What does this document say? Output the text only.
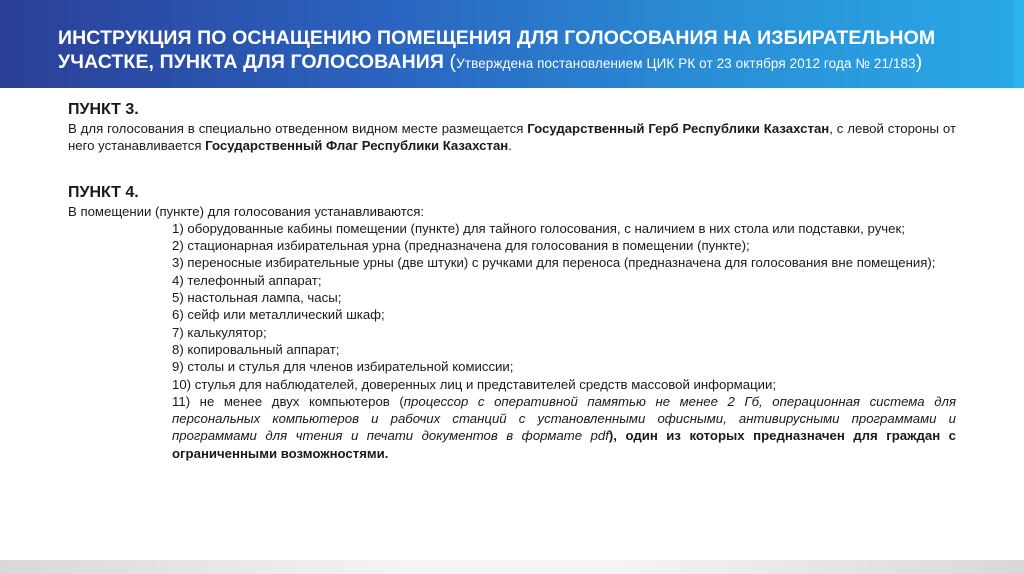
ИНСТРУКЦИЯ ПО ОСНАЩЕНИЮ ПОМЕЩЕНИЯ ДЛЯ ГОЛОСОВАНИЯ НА ИЗБИРАТЕЛЬНОМ
УЧАСТКЕ, ПУНКТА ДЛЯ ГОЛОСОВАНИЯ (Утверждена постановлением ЦИК РК от 23 октября 2012 года № 21/183)

ПУНКТ 3.

В для голосования в специально отведенном видном месте размещается Государственный Герб Республики Казахстан, с левой стороны от него устанавливается Государственный Флаг Республики Казахстан.

ПУНКТ 4.

В помещении (пункте) для голосования устанавливаются:

1) оборудованные кабины помещении (пункте) для тайного голосования, с наличием в них стола или подставки, ручек;
2) стационарная избирательная урна (предназначена для голосования в помещении (пункте);
3) переносные избирательные урны (две штуки) с ручками для переноса (предназначена для голосования вне помещения);
4) телефонный аппарат;
5) настольная лампа, часы;
6) сейф или металлический шкаф;
7) калькулятор;
8) копировальный аппарат;
9) столы и стулья для членов избирательной комиссии;
10) стулья для наблюдателей, доверенных лиц и представителей средств массовой информации;
11) не менее двух компьютеров (процессор с оперативной памятью не менее 2 Гб, операционная система для персональных компьютеров и рабочих станций с установленными офисными, антивирусными программами и программами для чтения и печати документов в формате pdf), один из которых предназначен для граждан с ограниченными возможностями.
